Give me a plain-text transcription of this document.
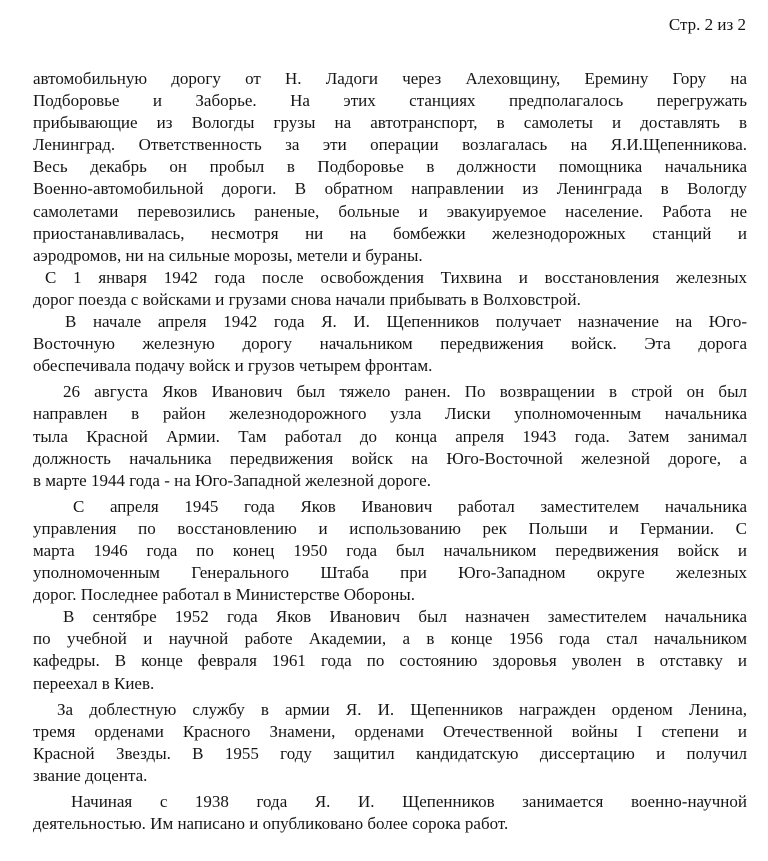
Стр. 2 из 2
автомобильную дорогу от Н. Ладоги через Алеховщину, Еремину Гору на
Подборовье и Заборье. На этих станциях предполагалось перегружать
прибывающие из Вологды грузы на автотранспорт, в самолеты и доставлять в
Ленинград. Ответственность за эти операции возлагалась на Я.И.Щепенникова.
Весь декабрь он пробыл в Подборовье в должности помощника начальника
Военно-автомобильной дороги. В обратном направлении из Ленинграда в Вологду
самолетами перевозились раненые, больные и эвакуируемое население. Работа не
приостанавливалась, несмотря ни на бомбежки железнодорожных станций и
аэродромов, ни на сильные морозы, метели и бураны.
С 1 января 1942 года после освобождения Тихвина и восстановления железных
дорог поезда с войсками и грузами снова начали прибывать в Волховстрой.
В начале апреля 1942 года Я. И. Щепенников получает назначение на Юго-
Восточную железную дорогу начальником передвижения войск. Эта дорога
обеспечивала подачу войск и грузов четырем фронтам.
26 августа Яков Иванович был тяжело ранен. По возвращении в строй он был
направлен в район железнодорожного узла Лиски уполномоченным начальника
тыла Красной Армии. Там работал до конца апреля 1943 года. Затем занимал
должность начальника передвижения войск на Юго-Восточной железной дороге, а
в марте 1944 года - на Юго-Западной железной дороге.
С апреля 1945 года Яков Иванович работал заместителем начальника
управления по восстановлению и использованию рек Польши и Германии. С
марта 1946 года по конец 1950 года был начальником передвижения войск и
уполномоченным Генерального Штаба при Юго-Западном округе железных
дорог. Последнее работал в Министерстве Обороны.
В сентябре 1952 года Яков Иванович был назначен заместителем начальника
по учебной и научной работе Академии, а в конце 1956 года стал начальником
кафедры. В конце февраля 1961 года по состоянию здоровья уволен в отставку и
переехал в Киев.
За доблестную службу в армии Я. И. Щепенников награжден орденом Ленина,
тремя орденами Красного Знамени, орденами Отечественной войны I степени и
Красной Звезды. В 1955 году защитил кандидатскую диссертацию и получил
звание доцента.
Начиная с 1938 года Я. И. Щепенников занимается военно-научной
деятельностью. Им написано и опубликовано более сорока работ.
